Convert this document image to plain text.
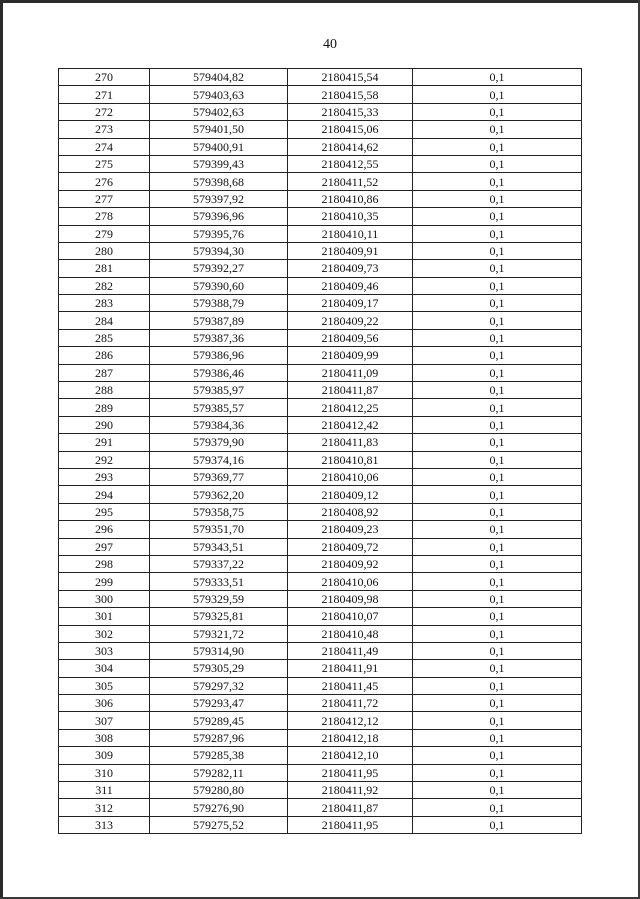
40
270	579404,82	2180415,54	0,1
271	579403,63	2180415,58	0,1
272	579402,63	2180415,33	0,1
273	579401,50	2180415,06	0,1
274	579400,91	2180414,62	0,1
275	579399,43	2180412,55	0,1
276	579398,68	2180411,52	0,1
277	579397,92	2180410,86	0,1
278	579396,96	2180410,35	0,1
279	579395,76	2180410,11	0,1
280	579394,30	2180409,91	0,1
281	579392,27	2180409,73	0,1
282	579390,60	2180409,46	0,1
283	579388,79	2180409,17	0,1
284	579387,89	2180409,22	0,1
285	579387,36	2180409,56	0,1
286	579386,96	2180409,99	0,1
287	579386,46	2180411,09	0,1
288	579385,97	2180411,87	0,1
289	579385,57	2180412,25	0,1
290	579384,36	2180412,42	0,1
291	579379,90	2180411,83	0,1
292	579374,16	2180410,81	0,1
293	579369,77	2180410,06	0,1
294	579362,20	2180409,12	0,1
295	579358,75	2180408,92	0,1
296	579351,70	2180409,23	0,1
297	579343,51	2180409,72	0,1
298	579337,22	2180409,92	0,1
299	579333,51	2180410,06	0,1
300	579329,59	2180409,98	0,1
301	579325,81	2180410,07	0,1
302	579321,72	2180410,48	0,1
303	579314,90	2180411,49	0,1
304	579305,29	2180411,91	0,1
305	579297,32	2180411,45	0,1
306	579293,47	2180411,72	0,1
307	579289,45	2180412,12	0,1
308	579287,96	2180412,18	0,1
309	579285,38	2180412,10	0,1
310	579282,11	2180411,95	0,1
311	579280,80	2180411,92	0,1
312	579276,90	2180411,87	0,1
313	579275,52	2180411,95	0,1
